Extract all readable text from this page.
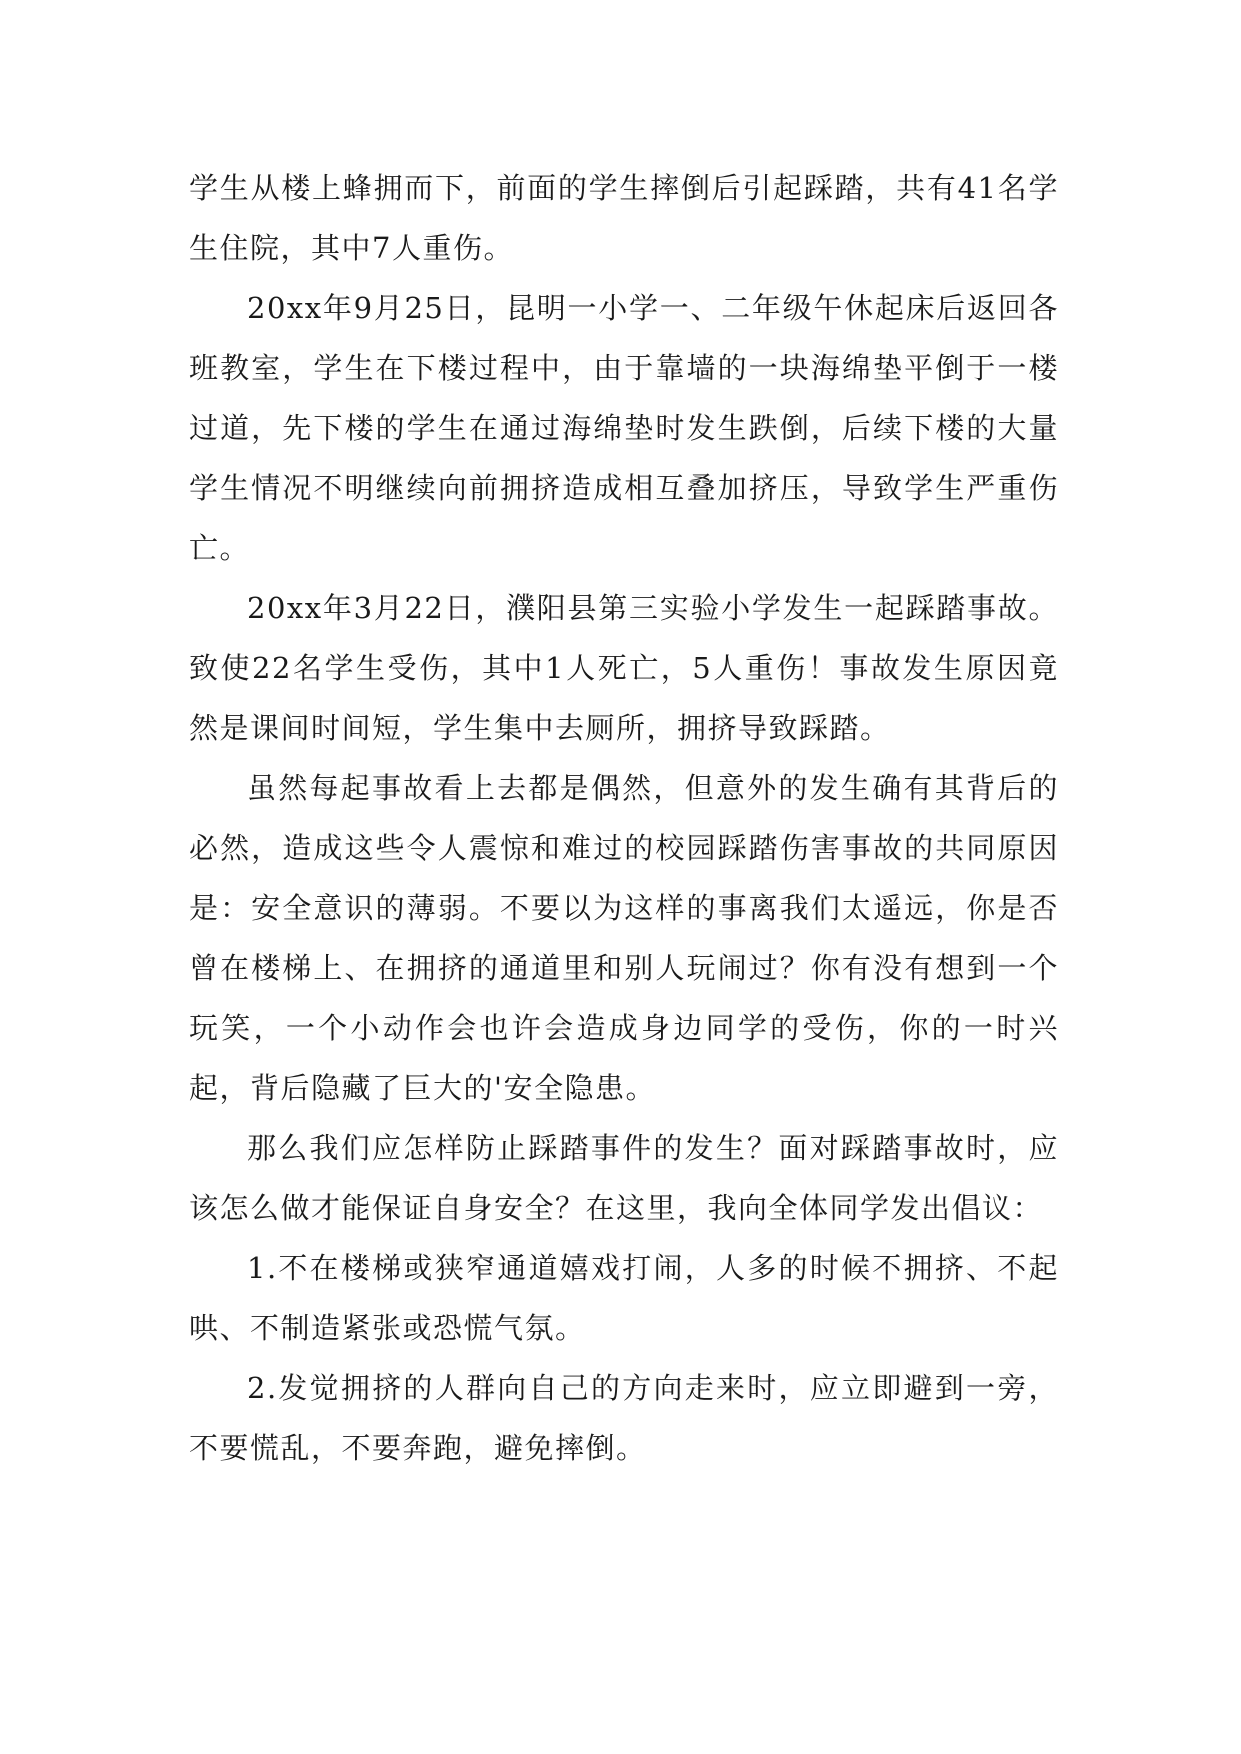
学生从楼上蜂拥而下，前面的学生摔倒后引起踩踏，共有41名学生住院，其中7人重伤。

20xx年9月25日，昆明一小学一、二年级午休起床后返回各班教室，学生在下楼过程中，由于靠墙的一块海绵垫平倒于一楼过道，先下楼的学生在通过海绵垫时发生跌倒，后续下楼的大量学生情况不明继续向前拥挤造成相互叠加挤压，导致学生严重伤亡。

20xx年3月22日，濮阳县第三实验小学发生一起踩踏事故。致使22名学生受伤，其中1人死亡，5人重伤！事故发生原因竟然是课间时间短，学生集中去厕所，拥挤导致踩踏。

虽然每起事故看上去都是偶然，但意外的发生确有其背后的必然，造成这些令人震惊和难过的校园踩踏伤害事故的共同原因是：安全意识的薄弱。不要以为这样的事离我们太遥远，你是否曾在楼梯上、在拥挤的通道里和别人玩闹过？你有没有想到一个玩笑，一个小动作会也许会造成身边同学的受伤，你的一时兴起，背后隐藏了巨大的'安全隐患。

那么我们应怎样防止踩踏事件的发生？面对踩踏事故时，应该怎么做才能保证自身安全？在这里，我向全体同学发出倡议：

1.不在楼梯或狭窄通道嬉戏打闹，人多的时候不拥挤、不起哄、不制造紧张或恐慌气氛。

2.发觉拥挤的人群向自己的方向走来时，应立即避到一旁，不要慌乱，不要奔跑，避免摔倒。
